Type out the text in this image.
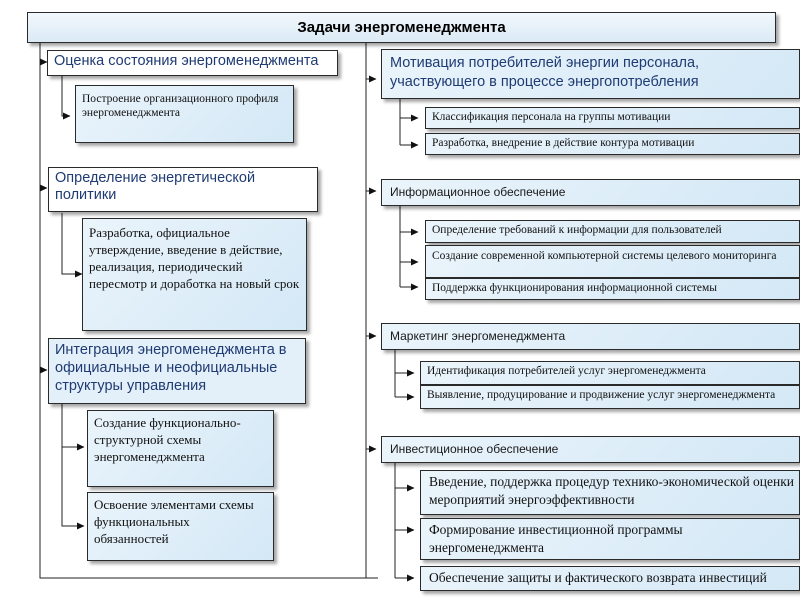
Задачи энергоменеджмента
Оценка состояния энергоменеджмента
Построение организационного профиля энергоменеджмента
Определение энергетической политики
Разработка, официальное утверждение, введение в действие, реализация, периодический пересмотр и доработка на новый срок
Интеграция энергоменеджмента в официальные и неофициальные структуры управления
Создание функционально-структурной схемы энергоменеджмента
Освоение элементами схемы функциональных обязанностей
Мотивация потребителей энергии персонала, участвующего в процессе энергопотребления
Классификация персонала на группы мотивации
Разработка, внедрение в действие контура мотивации
Информационное обеспечение
Определение требований к информации для пользователей
Создание современной компьютерной системы целевого мониторинга
Поддержка функционирования информационной системы
Маркетинг энергоменеджмента
Идентификация потребителей услуг энергоменеджмента
Выявление, продуцирование и продвижение услуг энергоменеджмента
Инвестиционное обеспечение
Введение, поддержка процедур технико-экономической оценки мероприятий энергоэффективности
Формирование инвестиционной программы энергоменеджмента
Обеспечение защиты и фактического возврата инвестиций
